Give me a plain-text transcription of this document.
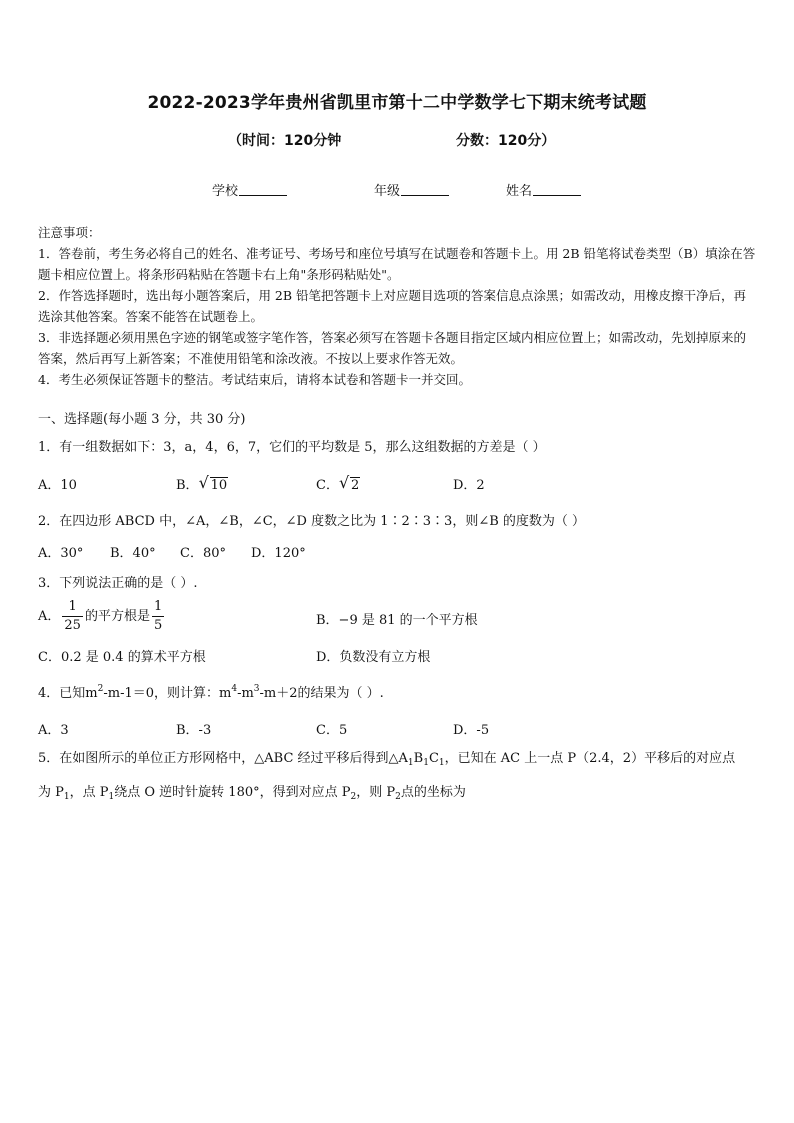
2022-2023学年贵州省凯里市第十二中学数学七下期末统考试题
（时间：120分钟	分数：120分）
学校	年级	姓名

注意事项：

1．答卷前，考生务必将自己的姓名、准考证号、考场号和座位号填写在试题卷和答题卡上。用 2B 铅笔将试卷类型（B）填涂在答题卡相应位置上。将条形码粘贴在答题卡右上角"条形码粘贴处"。

2．作答选择题时，选出每小题答案后，用 2B 铅笔把答题卡上对应题目选项的答案信息点涂黑；如需改动，用橡皮擦干净后，再选涂其他答案。答案不能答在试题卷上。

3．非选择题必须用黑色字迹的钢笔或签字笔作答，答案必须写在答题卡各题目指定区域内相应位置上；如需改动，先划掉原来的答案，然后再写上新答案；不准使用铅笔和涂改液。不按以上要求作答无效。

4．考生必须保证答题卡的整洁。考试结束后，请将本试卷和答题卡一并交回。

一、选择题(每小题 3 分，共 30 分)
1．有一组数据如下：3，a，4，6，7，它们的平均数是 5，那么这组数据的方差是（ ）
A．10	B． √ 10	C． √ 2	D．2
2．在四边形 ABCD 中，∠A，∠B，∠C，∠D 度数之比为 1∶2∶3∶3，则∠B 的度数为（ ）
A．30° B．40° C．80° D．120°
3．下列说法正确的是（ ）.
A． $\frac{1}{25}$ 的平方根是 $\frac{1}{5}$	B．−9 是 81 的一个平方根
C．0.2 是 0.4 的算术平方根	D．负数没有立方根
4．已知$m^2-m-1=0$，则计算：$m^4-m^3-m+2$的结果为（ ）.
A．3	B．-3	C．5	D．-5
5．在如图所示的单位正方形网格中，△ABC 经过平移后得到$\triangle A_1B_1C_1$，已知在 AC 上一点 P（2.4，2）平移后的对应点
为 $P_1$，点 $P_1$绕点 O 逆时针旋转 180°，得到对应点 $P_2$，则 $P_2$点的坐标为
